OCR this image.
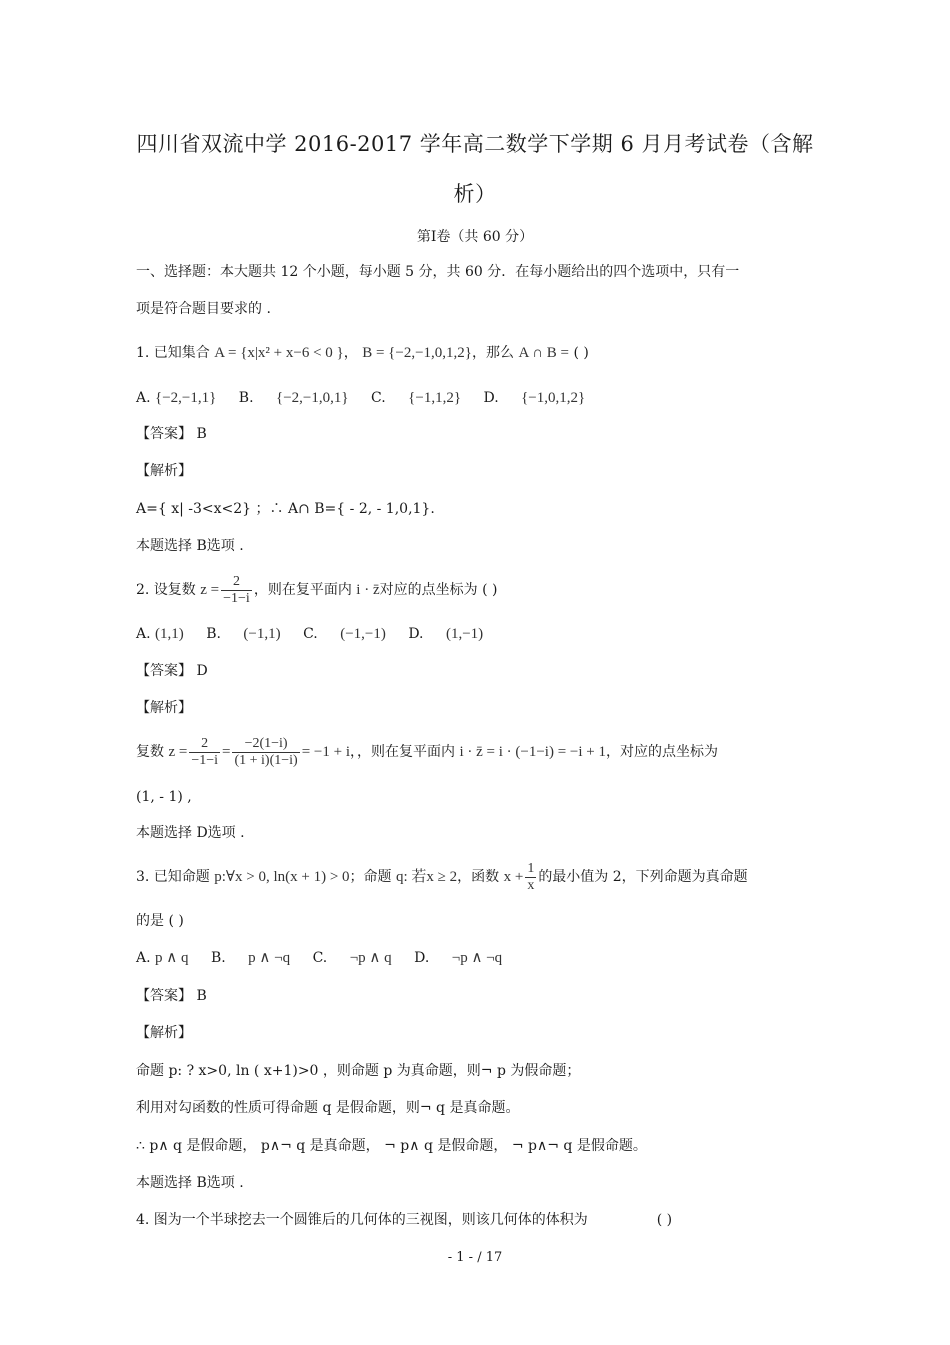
四川省双流中学 2016-2017 学年高二数学下学期 6 月月考试卷（含解
析）
第Ⅰ卷（共 60 分）
一、选择题：本大题共 12 个小题，每小题 5 分，共 60 分．在每小题给出的四个选项中，只有一
项是符合题目要求的 .
1. 已知集合 A = {x|x² + x−6 < 0 }， B = {−2,−1,0,1,2}，那么 A ∩ B = ( )
A. {−2,−1,1} B. {−2,−1,0,1} C. {−1,1,2} D. {−1,0,1,2}
【答案】 B
【解析】
A={ x| -3<x<2} ；∴ A∩ B={ - 2, - 1,0,1}.
本题选择 B选项 .
2. 设复数 $z = \frac{2}{-1-i}$ ，则在复平面内 i · z̄对应的点坐标为 ( )
A. (1,1) B. (−1,1) C. (−1,−1) D. (1,−1)
【答案】 D
【解析】
复数 $z = \frac{2}{-1-i} = \frac{-2(1-i)}{(1 + i)(1-i)} = -1 + i$，，则在复平面内 i · z̄ = i · (−1−i) = −i + 1，对应的点坐标为
(1, - 1) ,
本题选择 D选项 .
3. 已知命题 p:∀x > 0, ln(x + 1) > 0；命题 q: 若x ≥ 2，函数 $x + \frac{1}{x}$ 的最小值为 2，下列命题为真命题
的是 ( )
A. p ∧ q B. p ∧ ¬q C. ¬p ∧ q D. ¬p ∧ ¬q
【答案】 B
【解析】
命题 p: ? x>0, ln ( x+1)>0 ，则命题 p 为真命题，则¬ p 为假命题；
利用对勾函数的性质可得命题 q 是假命题，则¬ q 是真命题。
∴ p∧ q 是假命题， p∧¬ q 是真命题， ¬ p∧ q 是假命题， ¬ p∧¬ q 是假命题。
本题选择 B选项 .
4. 图为一个半球挖去一个圆锥后的几何体的三视图，则该几何体的体积为	( )
- 1 - / 17
